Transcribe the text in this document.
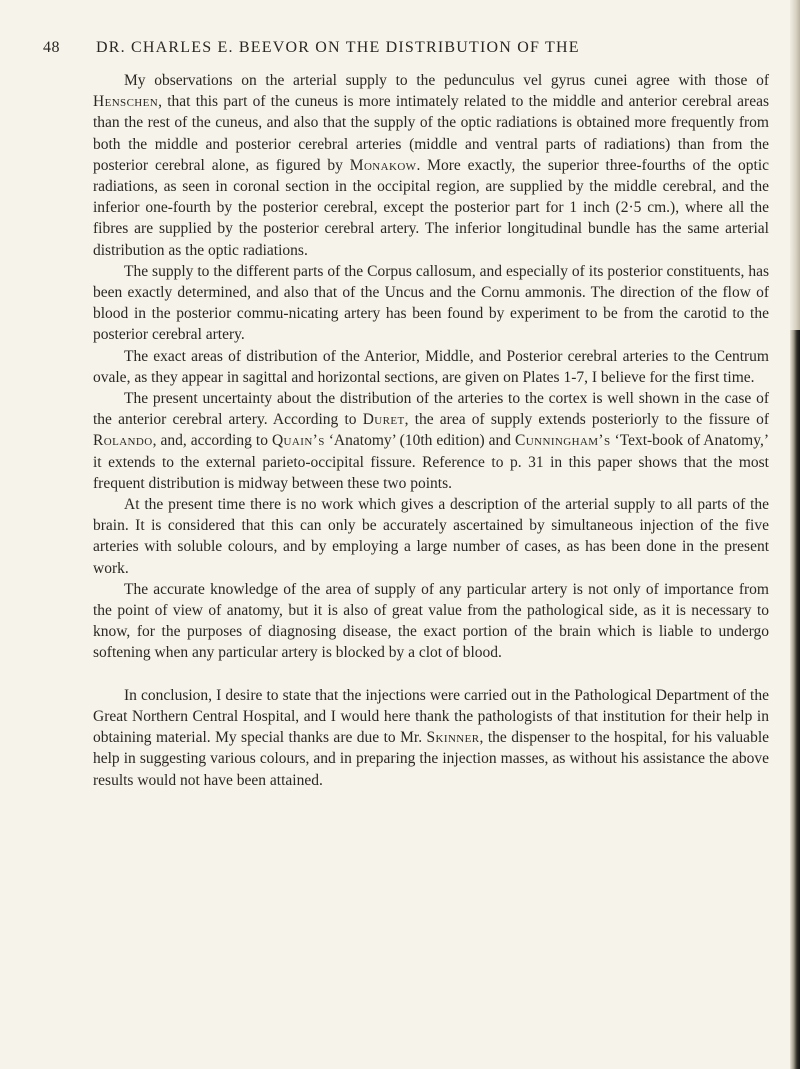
48 DR. CHARLES E. BEEVOR ON THE DISTRIBUTION OF THE

My observations on the arterial supply to the pedunculus vel gyrus cunei agree with those of Henschen, that this part of the cuneus is more intimately related to the middle and anterior cerebral areas than the rest of the cuneus, and also that the supply of the optic radiations is obtained more frequently from both the middle and posterior cerebral arteries (middle and ventral parts of radiations) than from the posterior cerebral alone, as figured by Monakow. More exactly, the superior three-fourths of the optic radiations, as seen in coronal section in the occipital region, are supplied by the middle cerebral, and the inferior one-fourth by the posterior cerebral, except the posterior part for 1 inch (2·5 cm.), where all the fibres are supplied by the posterior cerebral artery. The inferior longitudinal bundle has the same arterial distribution as the optic radiations.

The supply to the different parts of the Corpus callosum, and especially of its posterior constituents, has been exactly determined, and also that of the Uncus and the Cornu ammonis. The direction of the flow of blood in the posterior commu-nicating artery has been found by experiment to be from the carotid to the posterior cerebral artery.

The exact areas of distribution of the Anterior, Middle, and Posterior cerebral arteries to the Centrum ovale, as they appear in sagittal and horizontal sections, are given on Plates 1-7, I believe for the first time.

The present uncertainty about the distribution of the arteries to the cortex is well shown in the case of the anterior cerebral artery. According to Duret, the area of supply extends posteriorly to the fissure of Rolando, and, according to Quain’s ‘Anatomy’ (10th edition) and Cunningham’s ‘Text-book of Anatomy,’ it extends to the external parieto-occipital fissure. Reference to p. 31 in this paper shows that the most frequent distribution is midway between these two points.

At the present time there is no work which gives a description of the arterial supply to all parts of the brain. It is considered that this can only be accurately ascertained by simultaneous injection of the five arteries with soluble colours, and by employing a large number of cases, as has been done in the present work.

The accurate knowledge of the area of supply of any particular artery is not only of importance from the point of view of anatomy, but it is also of great value from the pathological side, as it is necessary to know, for the purposes of diagnosing disease, the exact portion of the brain which is liable to undergo softening when any particular artery is blocked by a clot of blood.

In conclusion, I desire to state that the injections were carried out in the Pathological Department of the Great Northern Central Hospital, and I would here thank the pathologists of that institution for their help in obtaining material. My special thanks are due to Mr. Skinner, the dispenser to the hospital, for his valuable help in suggesting various colours, and in preparing the injection masses, as without his assistance the above results would not have been attained.
